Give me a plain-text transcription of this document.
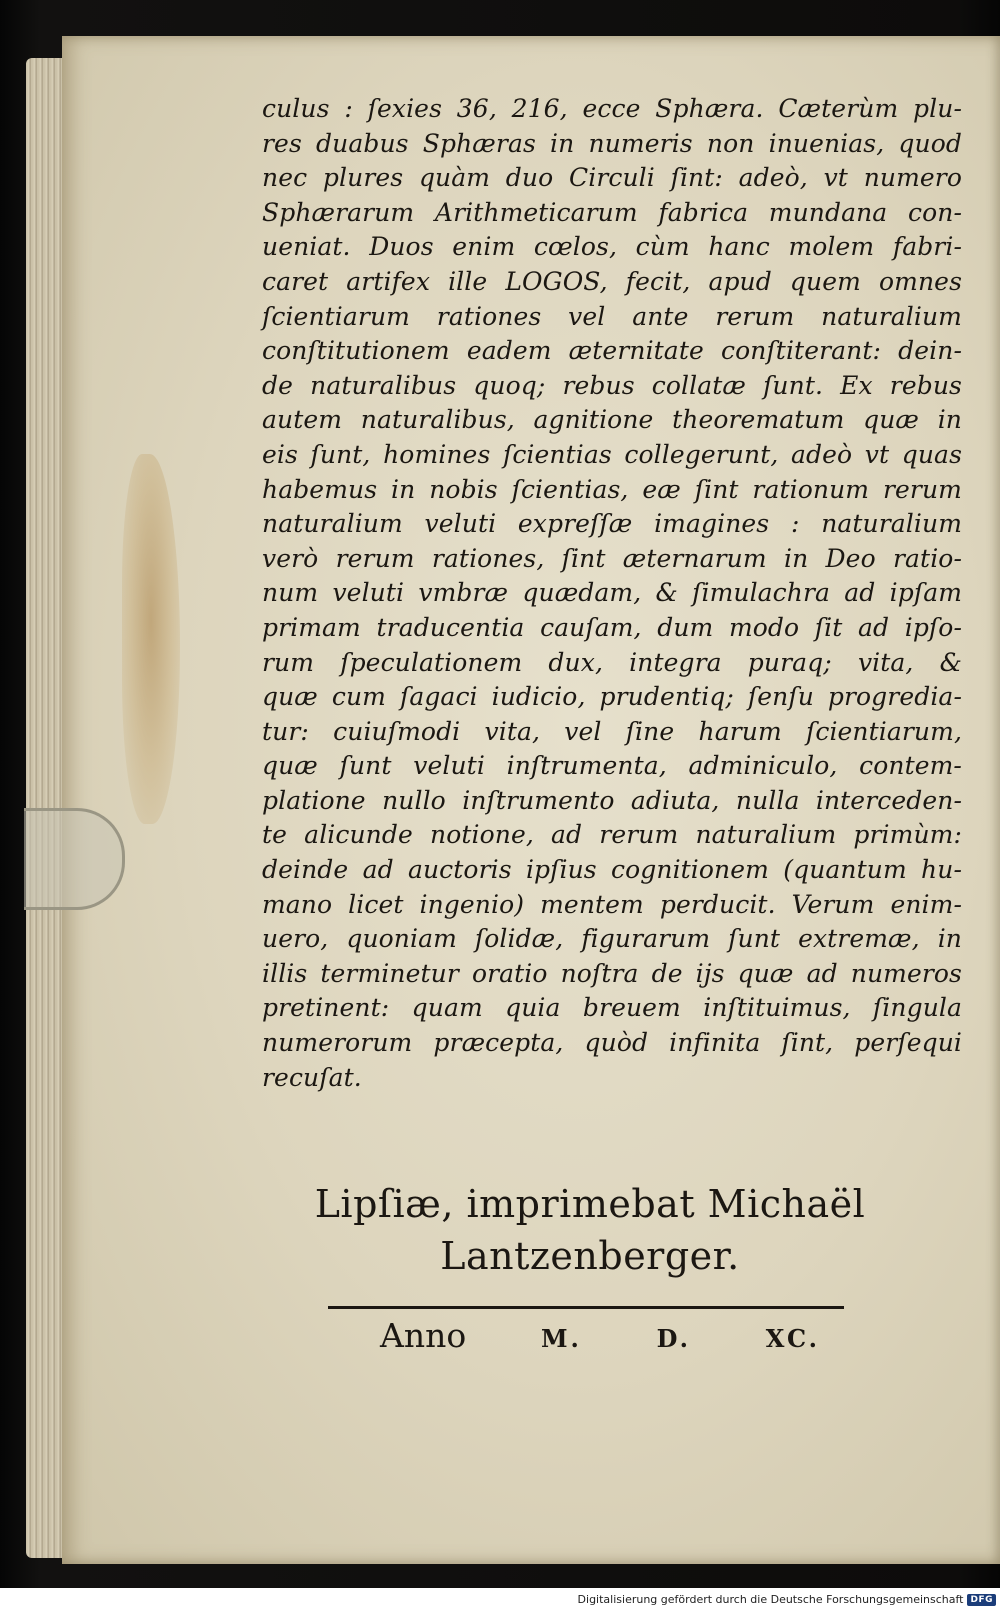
culus : ſexies 36, 216, ecce Sphæra. Cæterùm plu-
res duabus Sphæras in numeris non inuenias, quod
nec plures quàm duo Circuli ſint: adeò, vt numero
Sphærarum Arithmeticarum fabrica mundana con-
ueniat. Duos enim cœlos, cùm hanc molem fabri-
caret artifex ille LOGOS, fecit, apud quem omnes
ſcientiarum rationes vel ante rerum naturalium
conſtitutionem eadem æternitate conſtiterant: dein-
de naturalibus quoq; rebus collatæ ſunt. Ex rebus
autem naturalibus, agnitione theorematum quæ in
eis ſunt, homines ſcientias collegerunt, adeò vt quas
habemus in nobis ſcientias, eæ ſint rationum rerum
naturalium veluti expreſſæ imagines : naturalium
verò rerum rationes, ſint æternarum in Deo ratio-
num veluti vmbræ quædam, & ſimulachra ad ipſam
primam traducentia cauſam, dum modo ſit ad ipſo-
rum ſpeculationem dux, integra puraq; vita, &
quæ cum ſagaci iudicio, prudentiq; ſenſu progredia-
tur: cuiuſmodi vita, vel ſine harum ſcientiarum,
quæ ſunt veluti inſtrumenta, adminiculo, contem-
platione nullo inſtrumento adiuta, nulla interceden-
te alicunde notione, ad rerum naturalium primùm:
deinde ad auctoris ipſius cognitionem (quantum hu-
mano licet ingenio) mentem perducit. Verum enim-
uero, quoniam ſolidæ, figurarum ſunt extremæ, in
illis terminetur oratio noſtra de ijs quæ ad numeros
pretinent: quam quia breuem inſtituimus, ſingula
numerorum præcepta, quòd infinita ſint, perſequi
recuſat.
Lipſiæ, imprimebat Michaël
Lantzenberger.
Anno	M.	D.	XC.
Digitalisierung gefördert durch die Deutsche Forschungsgemeinschaft DFG
